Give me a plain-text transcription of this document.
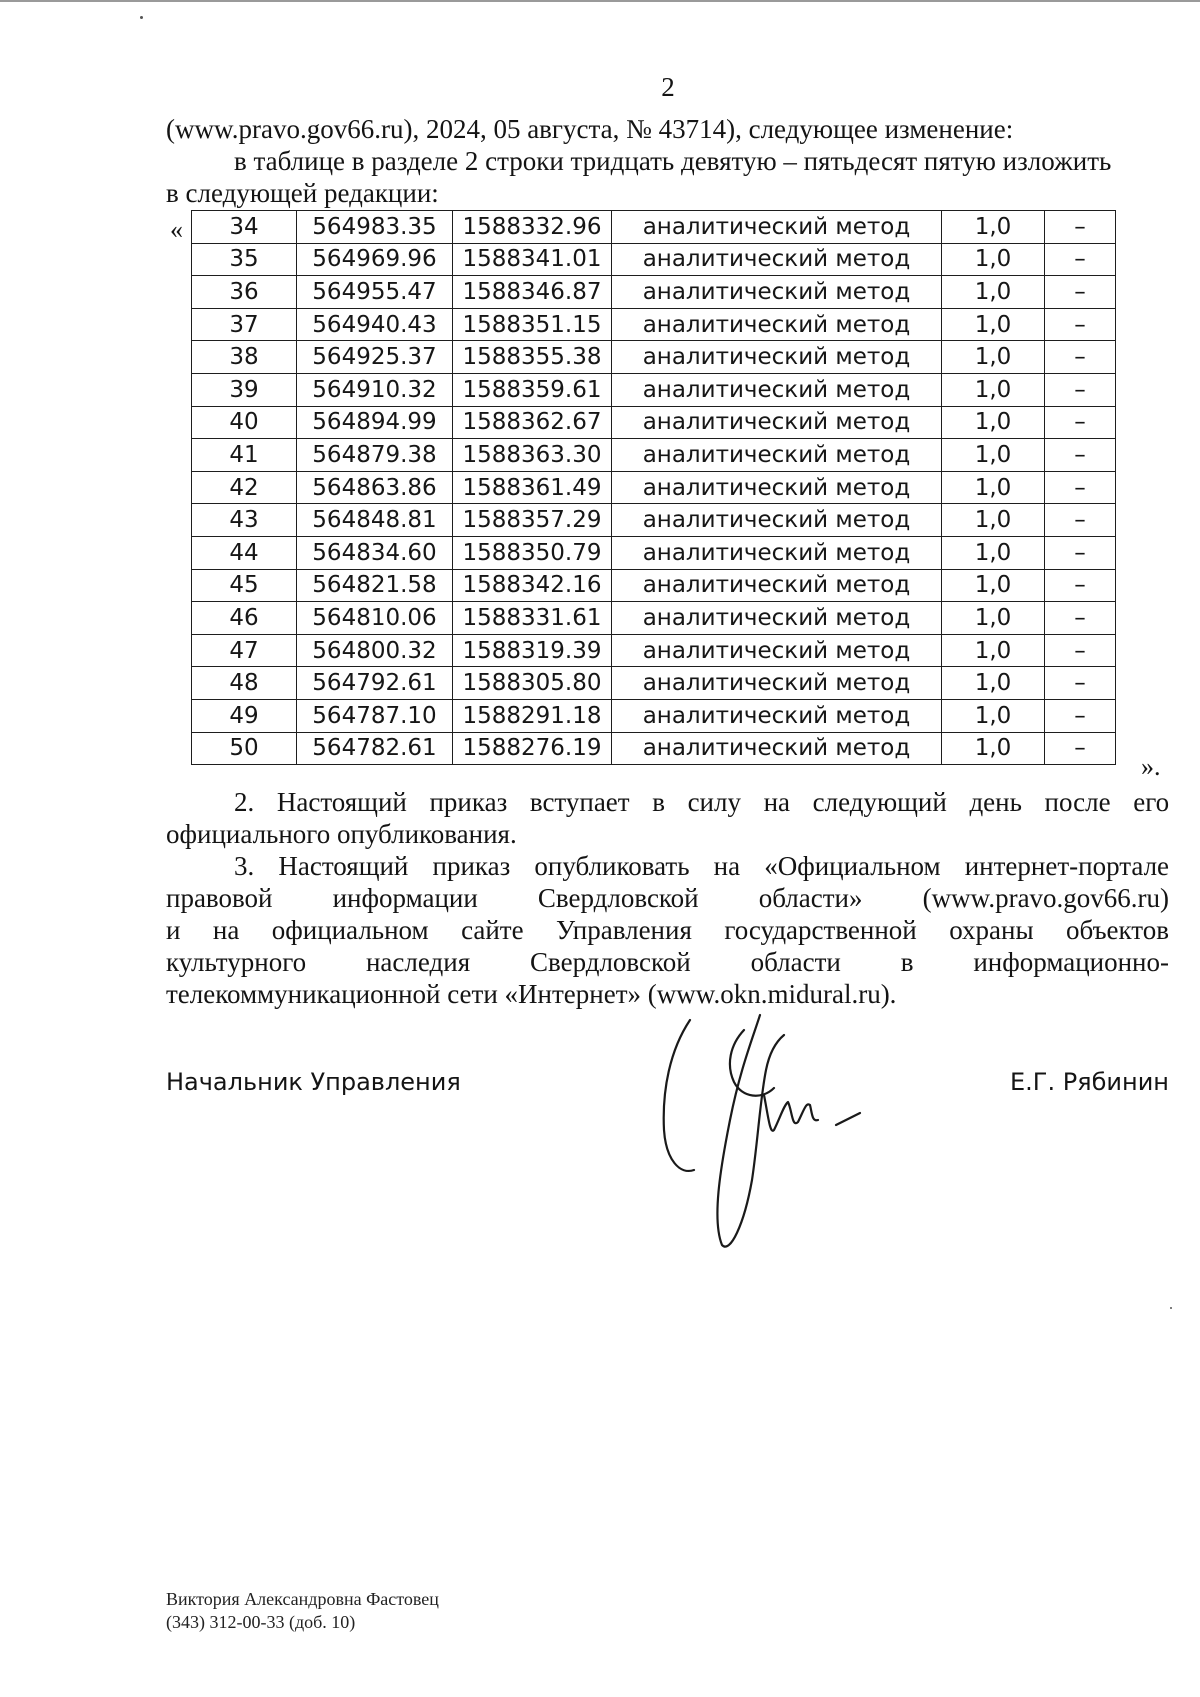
2
(www.pravo.gov66.ru), 2024, 05 августа, № 43714), следующее изменение:
в таблице в разделе 2 строки тридцать девятую – пятьдесят пятую изложить
в следующей редакции:
«
».
34	564983.35	1588332.96	аналитический метод	1,0	–
35	564969.96	1588341.01	аналитический метод	1,0	–
36	564955.47	1588346.87	аналитический метод	1,0	–
37	564940.43	1588351.15	аналитический метод	1,0	–
38	564925.37	1588355.38	аналитический метод	1,0	–
39	564910.32	1588359.61	аналитический метод	1,0	–
40	564894.99	1588362.67	аналитический метод	1,0	–
41	564879.38	1588363.30	аналитический метод	1,0	–
42	564863.86	1588361.49	аналитический метод	1,0	–
43	564848.81	1588357.29	аналитический метод	1,0	–
44	564834.60	1588350.79	аналитический метод	1,0	–
45	564821.58	1588342.16	аналитический метод	1,0	–
46	564810.06	1588331.61	аналитический метод	1,0	–
47	564800.32	1588319.39	аналитический метод	1,0	–
48	564792.61	1588305.80	аналитический метод	1,0	–
49	564787.10	1588291.18	аналитический метод	1,0	–
50	564782.61	1588276.19	аналитический метод	1,0	–
2. Настоящий приказ вступает в силу на следующий день после его
официального опубликования.
3. Настоящий приказ опубликовать на «Официальном интернет-портале
правовой информации Свердловской области» (www.pravo.gov66.ru)
и на официальном сайте Управления государственной охраны объектов
культурного наследия Свердловской области в информационно-
телекоммуникационной сети «Интернет» (www.okn.midural.ru).
Начальник Управления	Е.Г. Рябинин
Виктория Александровна Фастовец
(343) 312-00-33 (доб. 10)
